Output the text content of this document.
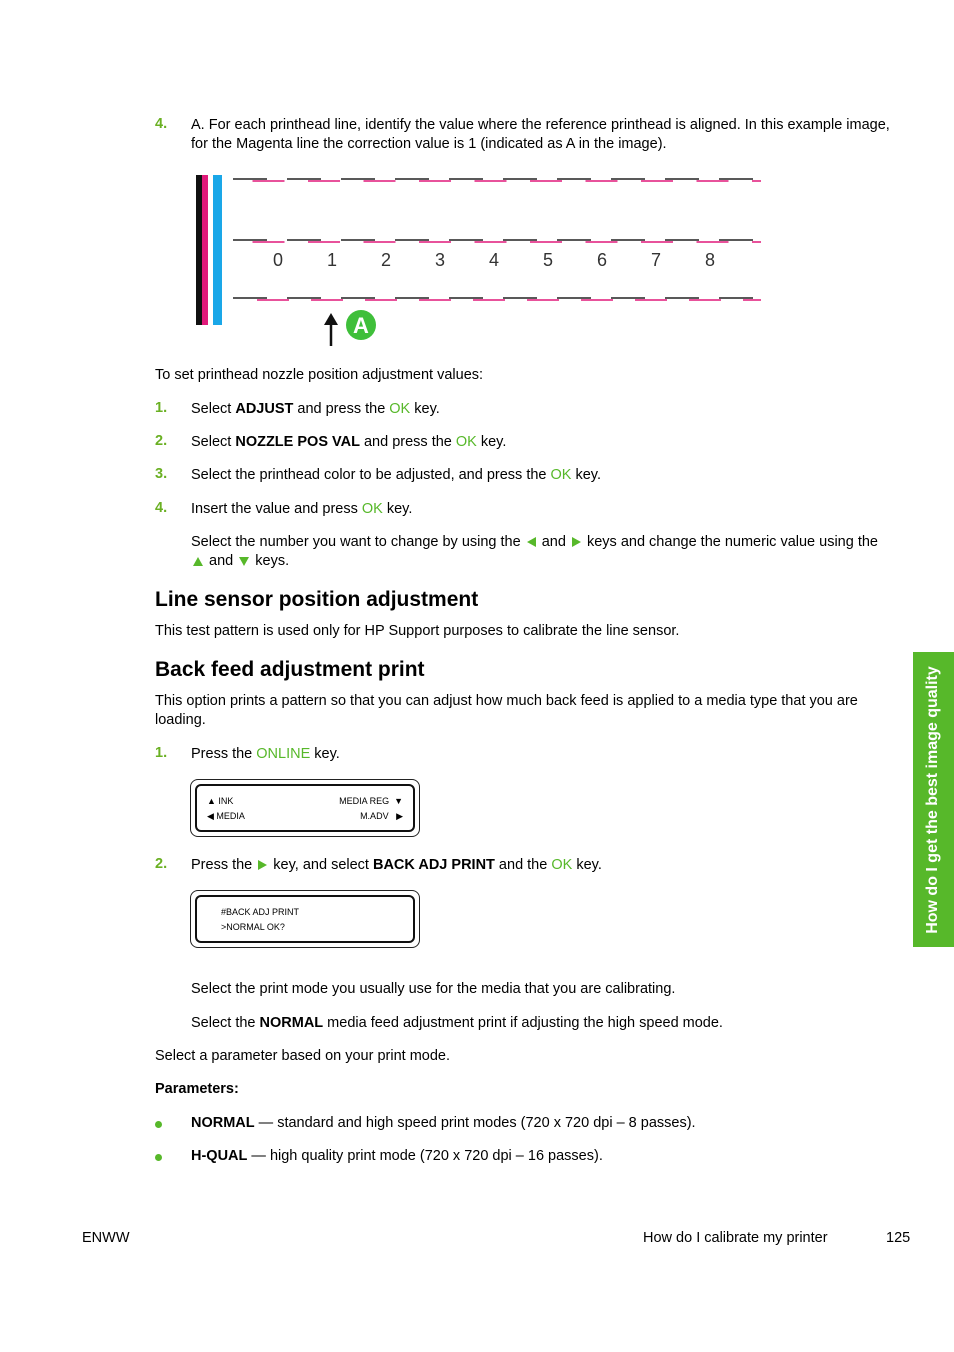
4. A. For each printhead line, identify the value where the reference printhead is aligned. In this example image, for the Magenta line the correction value is 1 (indicated as A in the image).
0 1 2 3 4 5 6 7 8
A
To set printhead nozzle position adjustment values:
1. Select ADJUST and press the OK key.
2. Select NOZZLE POS VAL and press the OK key.
3. Select the printhead color to be adjusted, and press the OK key.
4. Insert the value and press OK key.
Select the number you want to change by using the  and  keys and change the numeric value using the  and  keys.
Line sensor position adjustment
This test pattern is used only for HP Support purposes to calibrate the line sensor.
Back feed adjustment print
This option prints a pattern so that you can adjust how much back feed is applied to a media type that you are loading.
1. Press the ONLINE key.
▲ INK
◀ MEDIA
MEDIA REG  ▼
M.ADV   ▶
2. Press the  key, and select BACK ADJ PRINT and the OK key.
#BACK ADJ PRINT
>NORMAL OK?
Select the print mode you usually use for the media that you are calibrating.
Select the NORMAL media feed adjustment print if adjusting the high speed mode.
Select a parameter based on your print mode.
Parameters:
NORMAL — standard and high speed print modes (720 x 720 dpi – 8 passes).
H-QUAL — high quality print mode (720 x 720 dpi – 16 passes).
How do I get the best image quality
ENWW	How do I calibrate my printer	125
